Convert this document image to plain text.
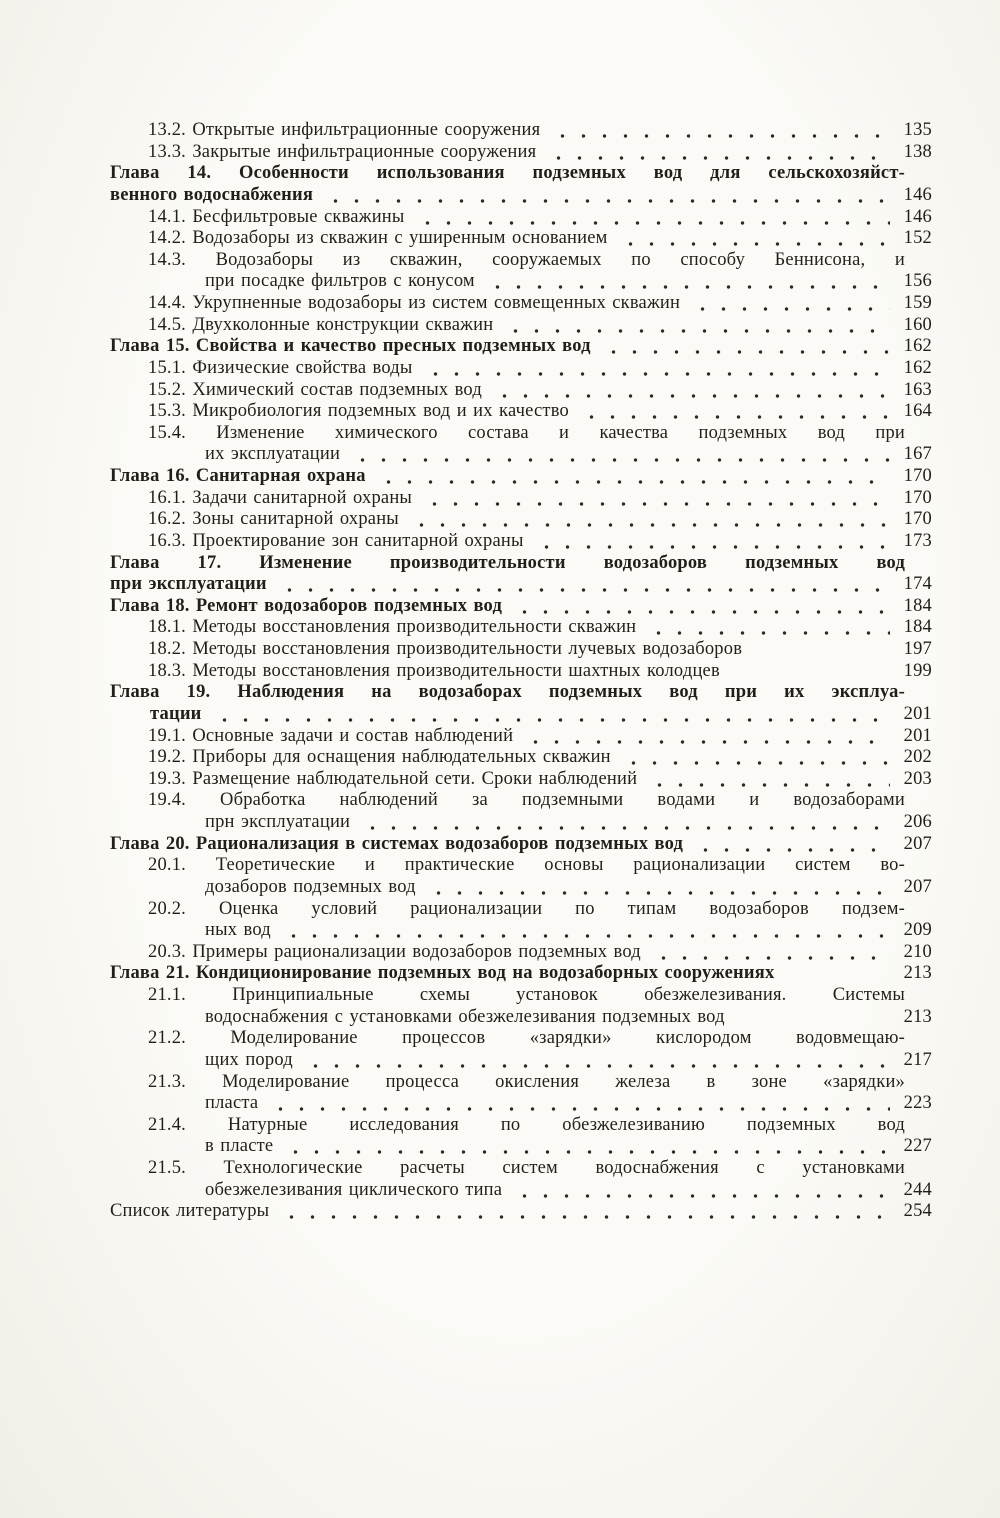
13.2. Открытые инфильтрационные сооружения	135
13.3. Закрытые инфильтрационные сооружения	138
Глава 14. Особенности использования подземных вод для сельскохозяйст-
венного водоснабжения	146
14.1. Бесфильтровые скважины	146
14.2. Водозаборы из скважин с уширенным основанием	152
14.3. Водозаборы из скважин, сооружаемых по способу Беннисона, и
при посадке фильтров с конусом	156
14.4. Укрупненные водозаборы из систем совмещенных скважин	159
14.5. Двухколонные конструкции скважин	160
Глава 15. Свойства и качество пресных подземных вод	162
15.1. Физические свойства воды	162
15.2. Химический состав подземных вод	163
15.3. Микробиология подземных вод и их качество	164
15.4. Изменение химического состава и качества подземных вод при
их эксплуатации	167
Глава 16. Санитарная охрана	170
16.1. Задачи санитарной охраны	170
16.2. Зоны санитарной охраны	170
16.3. Проектирование зон санитарной охраны	173
Глава 17. Изменение производительности водозаборов подземных вод
при эксплуатации	174
Глава 18. Ремонт водозаборов подземных вод	184
18.1. Методы восстановления производительности скважин	184
18.2. Методы восстановления производительности лучевых водозаборов	197
18.3. Методы восстановления производительности шахтных колодцев	199
Глава 19. Наблюдения на водозаборах подземных вод при их эксплуа-
тации	201
19.1. Основные задачи и состав наблюдений	201
19.2. Приборы для оснащения наблюдательных скважин	202
19.3. Размещение наблюдательной сети. Сроки наблюдений	203
19.4. Обработка наблюдений за подземными водами и водозаборами
прн эксплуатации	206
Глава 20. Рационализация в системах водозаборов подземных вод	207
20.1. Теоретические и практические основы рационализации систем во-
дозаборов подземных вод	207
20.2. Оценка условий рационализации по типам водозаборов подзем-
ных вод	209
20.3. Примеры рационализации водозаборов подземных вод	210
Глава 21. Кондиционирование подземных вод на водозаборных сооружениях	213
21.1. Принципиальные схемы установок обезжелезивания. Системы
водоснабжения с установками обезжелезивания подземных вод	213
21.2. Моделирование процессов «зарядки» кислородом водовмещаю-
щих пород	217
21.3. Моделирование процесса окисления железа в зоне «зарядки»
пласта	223
21.4. Натурные исследования по обезжелезиванию подземных вод
в пласте	227
21.5. Технологические расчеты систем водоснабжения с установками
обезжелезивания циклического типа	244
Список литературы	254
